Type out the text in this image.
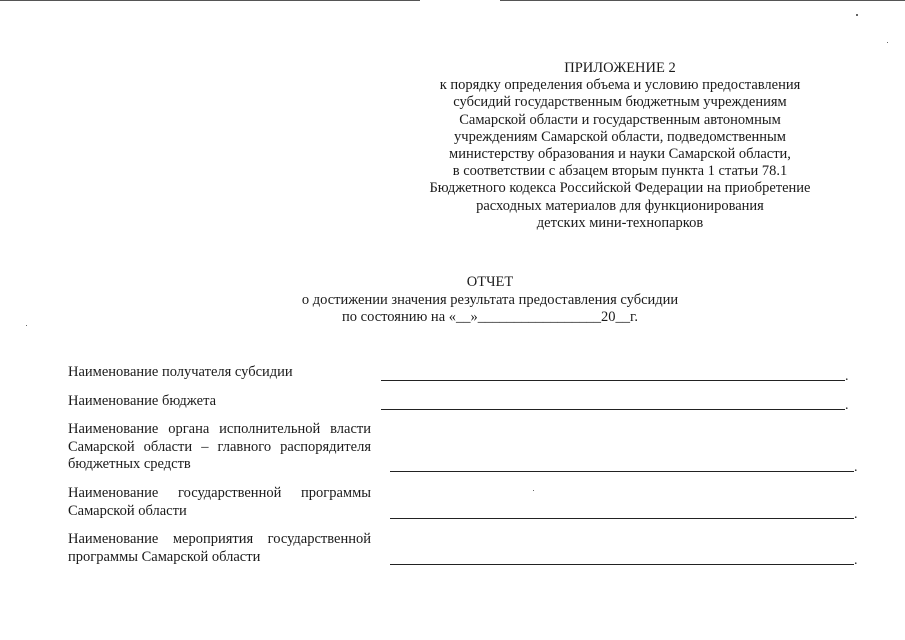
ПРИЛОЖЕНИЕ 2
к порядку определения объема и условию предоставления
субсидий государственным бюджетным учреждениям
Самарской области и государственным автономным
учреждениям Самарской области, подведомственным
министерству образования и науки Самарской области,
в соответствии с абзацем вторым пункта 1 статьи 78.1
Бюджетного кодекса Российской Федерации на приобретение
расходных материалов для функционирования
детских мини-технопарков
ОТЧЕТ
о достижении значения результата предоставления субсидии
по состоянию на «__»_________________20__г.
Наименование получателя субсидии	.
Наименование бюджета	.
Наименование органа исполнительной власти
Самарской области – главного распорядителя
бюджетных средств	.
Наименование государственной программы
Самарской области	.
Наименование мероприятия государственной
программы Самарской области	.
